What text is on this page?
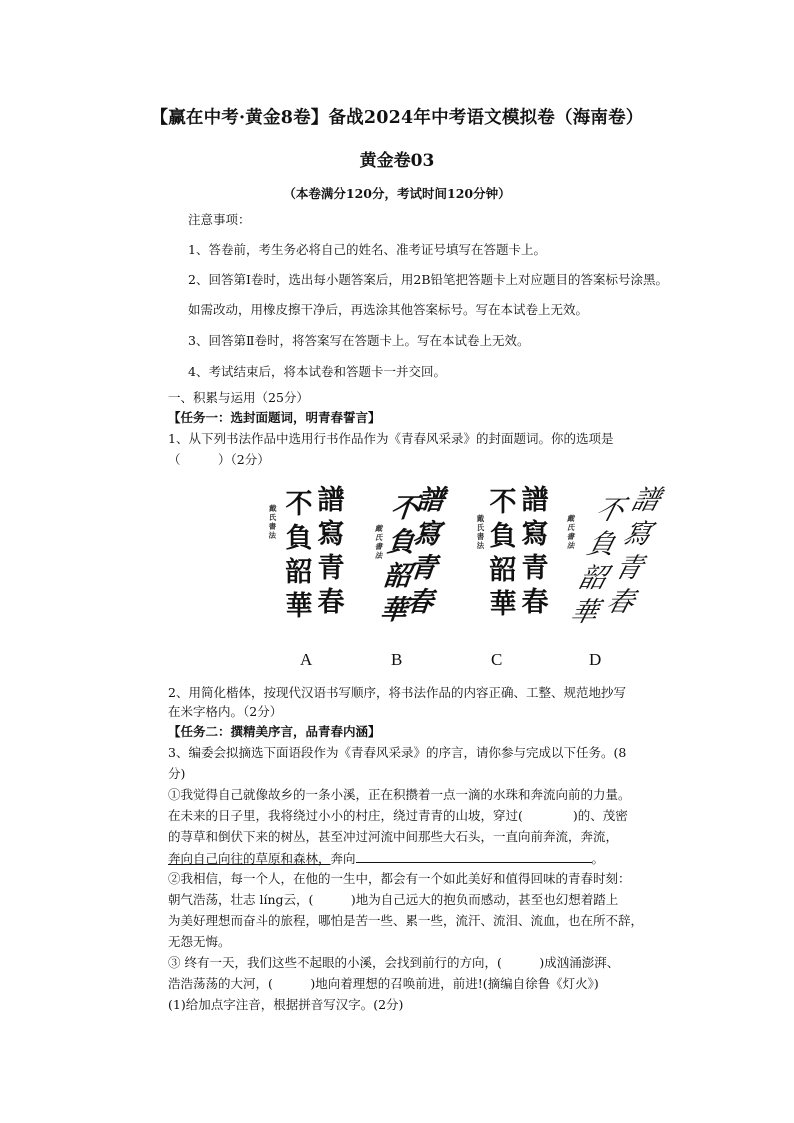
【赢在中考·黄金8卷】备战2024年中考语文模拟卷（海南卷）

黄金卷03

（本卷满分120分，考试时间120分钟）

注意事项：

1、答卷前，考生务必将自己的姓名、准考证号填写在答题卡上。

2、回答第Ⅰ卷时，选出每小题答案后，用2B铅笔把答题卡上对应题目的答案标号涂黑。

如需改动，用橡皮擦干净后，再选涂其他答案标号。写在本试卷上无效。

3、回答第Ⅱ卷时，将答案写在答题卡上。写在本试卷上无效。

4、考试结束后，将本试卷和答题卡一并交回。

一、积累与运用（25分）

【任务一：选封面题词，明青春誓言】

1、从下列书法作品中选用行书作品作为《青春风采录》的封面题词。你的选项是

（　　　）（2分）

戴氏書法
譜
寫
青
春
不
負
韶
華
戴氏書法
譜
寫
青
春
不
負
韶
華
戴氏書法
譜
寫
青
春
不
負
韶
華
戴氏書法
譜
寫
青
春
不
負
韶
華
A	B	C	D

2、用简化楷体，按现代汉语书写顺序，将书法作品的内容正确、工整、规范地抄写

在米字格内。（2分）

【任务二：撰精美序言，品青春内涵】

3、编委会拟摘选下面语段作为《青春风采录》的序言，请你参与完成以下任务。(8

分)

①我觉得自己就像故乡的一条小溪，正在积攒着一点一滴的水珠和奔流向前的力量。

在未来的日子里，我将绕过小小的村庄，绕过青青的山坡，穿过(　　　　)的、茂密

的荨草和倒伏下来的树丛，甚至冲过河流中间那些大石头，一直向前奔流，奔流，

奔向自己向往的草原和森林，奔向	。

②我相信，每一个人，在他的一生中，都会有一个如此美好和值得回味的青春时刻：

朝气浩荡，壮志 líng云，(　　　)地为自己远大的抱负而感动，甚至也幻想着踏上

为美好理想而奋斗的旅程，哪怕是苦一些、累一些，流汗、流泪、流血，也在所不辞，

无怨无悔。

③ 终有一天，我们这些不起眼的小溪，会找到前行的方向，(　　　)成汹涌澎湃、

浩浩荡荡的大河，(　　　)地向着理想的召唤前进，前进!(摘编自徐鲁《灯火》)

(1)给加点字注音，根据拼音写汉字。(2分)
